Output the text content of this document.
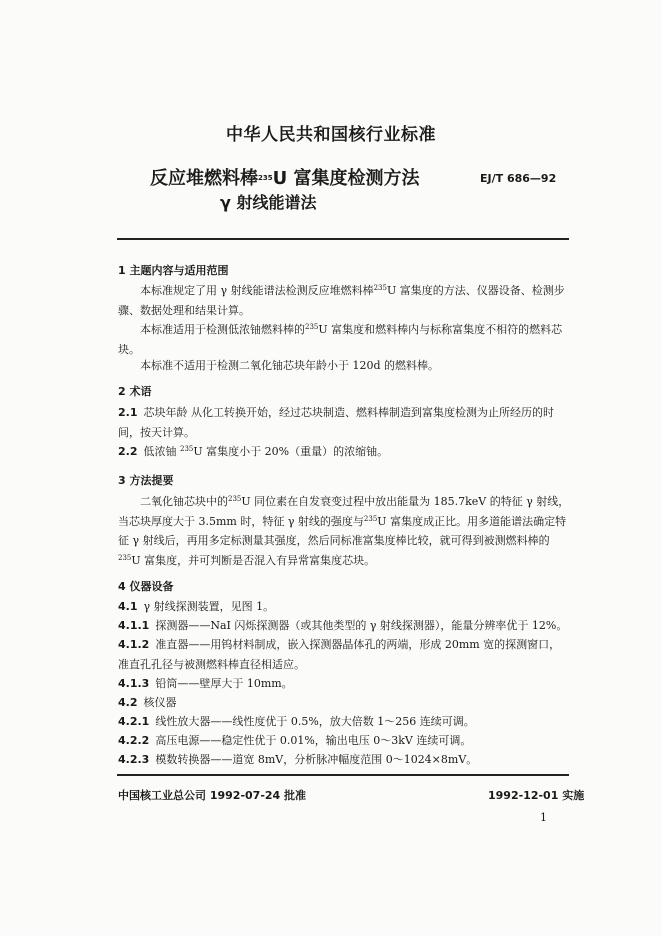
中华人民共和国核行业标准
反应堆燃料棒$^{235}$U 富集度检测方法
γ 射线能谱法
EJ/T 686—92
1 主题内容与适用范围
本标准规定了用 γ 射线能谱法检测反应堆燃料棒$^{235}$U 富集度的方法、仪器设备、检测步骤、数据处理和结果计算。
本标准适用于检测低浓铀燃料棒的$^{235}$U 富集度和燃料棒内与标称富集度不相符的燃料芯块。
本标准不适用于检测二氧化铀芯块年龄小于 120d 的燃料棒。
2 术语
2.1 芯块年龄 从化工转换开始，经过芯块制造、燃料棒制造到富集度检测为止所经历的时间，按天计算。
2.2 低浓铀 $^{235}$U 富集度小于 20%（重量）的浓缩铀。
3 方法提要
二氧化铀芯块中的$^{235}$U 同位素在自发衰变过程中放出能量为 185.7keV 的特征 γ 射线，当芯块厚度大于 3.5mm 时，特征 γ 射线的强度与$^{235}$U 富集度成正比。用多道能谱法确定特征 γ 射线后，再用多定标测量其强度，然后同标准富集度棒比较，就可得到被测燃料棒的$^{235}$U 富集度，并可判断是否混入有异常富集度芯块。
4 仪器设备
4.1 γ 射线探测装置，见图 1。
4.1.1 探测器——NaI 闪烁探测器（或其他类型的 γ 射线探测器），能量分辨率优于 12%。
4.1.2 准直器——用钨材料制成，嵌入探测器晶体孔的两端，形成 20mm 宽的探测窗口，准直孔孔径与被测燃料棒直径相适应。
4.1.3 铅筒——壁厚大于 10mm。
4.2 核仪器
4.2.1 线性放大器——线性度优于 0.5%，放大倍数 1～256 连续可调。
4.2.2 高压电源——稳定性优于 0.01%，输出电压 0～3kV 连续可调。
4.2.3 模数转换器——道宽 8mV，分析脉冲幅度范围 0～1024×8mV。
中国核工业总公司 1992-07-24 批准	1992-12-01 实施
1
